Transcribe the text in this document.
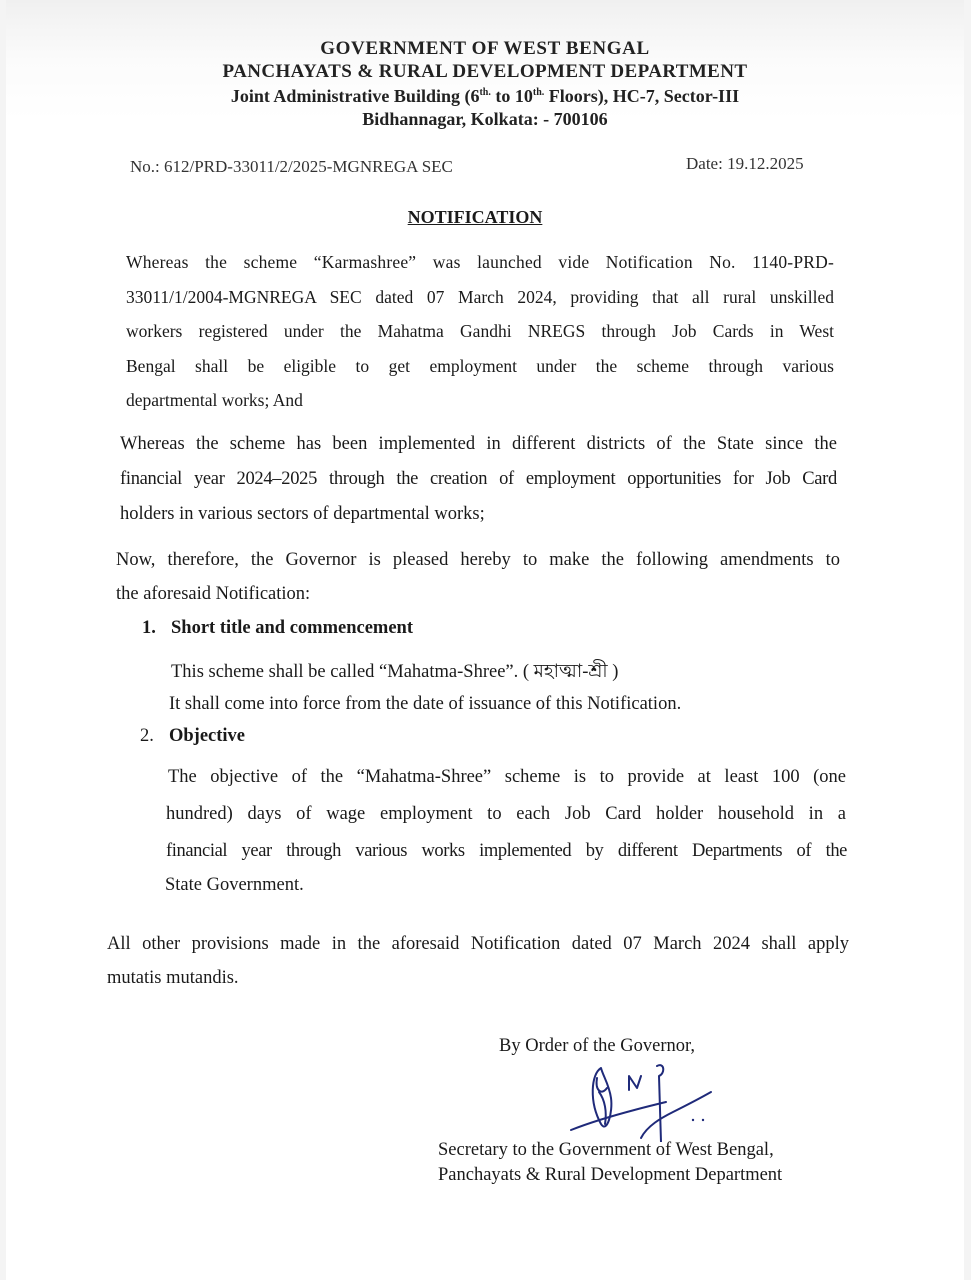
GOVERNMENT OF WEST BENGAL
PANCHAYATS & RURAL DEVELOPMENT DEPARTMENT
Joint Administrative Building ($6^{th.}$ to $10^{th.}$ Floors), HC-7, Sector-III
Bidhannagar, Kolkata: - 700106
No.: 612/PRD-33011/2/2025-MGNREGA SEC	Date: 19.12.2025
NOTIFICATION
Whereas the scheme “Karmashree” was launched vide Notification No. 1140-PRD-
33011/1/2004-MGNREGA SEC dated 07 March 2024, providing that all rural unskilled
workers registered under the Mahatma Gandhi NREGS through Job Cards in West
Bengal shall be eligible to get employment under the scheme through various
departmental works; And
Whereas the scheme has been implemented in different districts of the State since the
financial year 2024–2025 through the creation of employment opportunities for Job Card
holders in various sectors of departmental works;
Now, therefore, the Governor is pleased hereby to make the following amendments to
the aforesaid Notification:
1. Short title and commencement
This scheme shall be called “Mahatma-Shree”. ( মহাত্মা-শ্রী )
It shall come into force from the date of issuance of this Notification.
2. Objective
The objective of the “Mahatma-Shree” scheme is to provide at least 100 (one
hundred) days of wage employment to each Job Card holder household in a
financial year through various works implemented by different Departments of the
State Government.
All other provisions made in the aforesaid Notification dated 07 March 2024 shall apply
mutatis mutandis.
By Order of the Governor,
Secretary to the Government of West Bengal,
Panchayats & Rural Development Department
